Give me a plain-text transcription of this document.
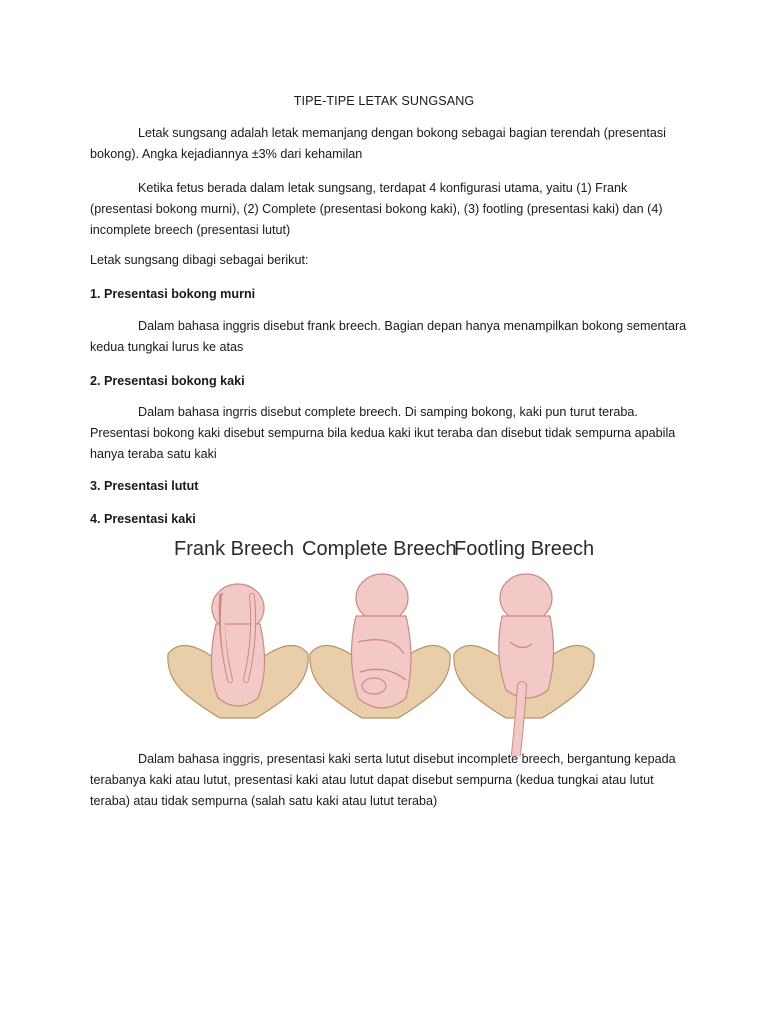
TIPE-TIPE LETAK SUNGSANG

Letak sungsang adalah letak memanjang dengan bokong sebagai bagian terendah (presentasi bokong). Angka kejadiannya ±3% dari kehamilan

Ketika fetus berada dalam letak sungsang, terdapat 4 konfigurasi utama, yaitu (1) Frank (presentasi bokong murni), (2) Complete (presentasi bokong kaki), (3) footling (presentasi kaki) dan (4) incomplete breech (presentasi lutut)

Letak sungsang dibagi sebagai berikut:

1. Presentasi bokong murni

Dalam bahasa inggris disebut frank breech. Bagian depan hanya menampilkan bokong sementara kedua tungkai lurus ke atas

2. Presentasi bokong kaki

Dalam bahasa ingrris disebut complete breech. Di samping bokong, kaki pun turut teraba. Presentasi bokong kaki disebut sempurna bila kedua kaki ikut teraba dan disebut tidak sempurna apabila hanya teraba satu kaki

3. Presentasi lutut

4. Presentasi kaki

Frank Breech Complete Breech
Footling Breech

Dalam bahasa inggris, presentasi kaki serta lutut disebut incomplete breech, bergantung kepada terabanya kaki atau lutut, presentasi kaki atau lutut dapat disebut sempurna (kedua tungkai atau lutut teraba) atau tidak sempurna (salah satu kaki atau lutut teraba)
